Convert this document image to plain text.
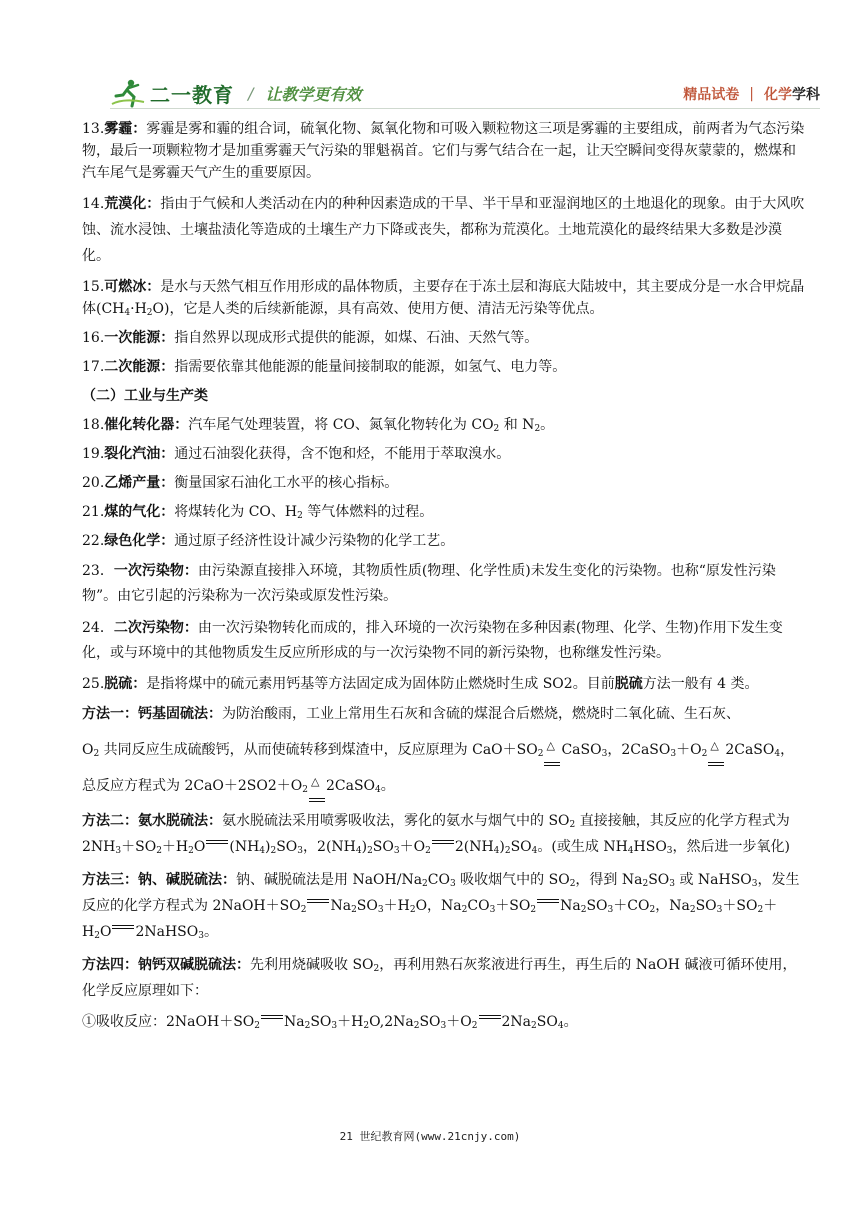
二一教育 / 让教学更有效	精品试卷 | 化学 学科

13.雾霾：雾霾是雾和霾的组合词，硫氧化物、氮氧化物和可吸入颗粒物这三项是雾霾的主要组成，前两者为气态污染物，最后一项颗粒物才是加重雾霾天气污染的罪魁祸首。它们与雾气结合在一起，让天空瞬间变得灰蒙蒙的，燃煤和汽车尾气是雾霾天气产生的重要原因。

14.荒漠化：指由于气候和人类活动在内的种种因素造成的干旱、半干旱和亚湿润地区的土地退化的现象。由于大风吹蚀、流水浸蚀、土壤盐渍化等造成的土壤生产力下降或丧失，都称为荒漠化。土地荒漠化的最终结果大多数是沙漠化。

15.可燃冰：是水与天然气相互作用形成的晶体物质，主要存在于冻土层和海底大陆坡中，其主要成分是一水合甲烷晶体$(CH_4\cdot H_2O)$，它是人类的后续新能源，具有高效、使用方便、清洁无污染等优点。

16.一次能源：指自然界以现成形式提供的能源，如煤、石油、天然气等。

17.二次能源：指需要依靠其他能源的能量间接制取的能源，如氢气、电力等。

（二）工业与生产类

18.催化转化器：汽车尾气处理装置，将 CO、氮氧化物转化为 $CO_2$ 和 $N_2$。

19.裂化汽油：通过石油裂化获得，含不饱和烃，不能用于萃取溴水。

20.乙烯产量：衡量国家石油化工水平的核心指标。

21.煤的气化：将煤转化为 CO、$H_2$ 等气体燃料的过程。

22.绿色化学：通过原子经济性设计减少污染物的化学工艺。

23．一次污染物：由污染源直接排入环境，其物质性质(物理、化学性质)未发生变化的污染物。也称“原发性污染物”。由它引起的污染称为一次污染或原发性污染。

24．二次污染物：由一次污染物转化而成的，排入环境的一次污染物在多种因素(物理、化学、生物)作用下发生变化，或与环境中的其他物质发生反应所形成的与一次污染物不同的新污染物，也称继发性污染。

25.脱硫：是指将煤中的硫元素用钙基等方法固定成为固体防止燃烧时生成 SO2。目前脱硫方法一般有 4 类。

方法一：钙基固硫法：为防治酸雨，工业上常用生石灰和含硫的煤混合后燃烧，燃烧时二氧化硫、生石灰、
$O_2$ 共同反应生成硫酸钙，从而使硫转移到煤渣中，反应原理为 $CaO+SO_2$ CaSO$_3$，$2CaSO_3+O_2$ 2CaSO$_4$，
总反应方程式为 $2CaO+2SO2+O_2$ 2CaSO$_4$。

方法二：氨水脱硫法：氨水脱硫法采用喷雾吸收法，雾化的氨水与烟气中的 $SO_2$ 直接接触，其反应的化学方程式为 $2NH_3+SO_2+H_2O$ $(NH_4)_2SO_3$，$2(NH_4)_2SO_3+O_2$ $2(NH_4)_2SO_4$。(或生成 $NH_4HSO_3$，然后进一步氧化)

方法三：钠、碱脱硫法：钠、碱脱硫法是用 NaOH/$Na_2CO_3$ 吸收烟气中的 $SO_2$，得到 $Na_2SO_3$ 或 NaHSO$_3$，发生反应的化学方程式为 $2NaOH+SO_2$ $Na_2SO_3+H_2O$，$Na_2CO_3+SO_2$ $Na_2SO_3+CO_2$，$Na_2SO_3+SO_2+H_2O$ 2NaHSO$_3$。

方法四：钠钙双碱脱硫法：先利用烧碱吸收 $SO_2$，再利用熟石灰浆液进行再生，再生后的 NaOH 碱液可循环使用，化学反应原理如下：

①吸收反应：$2NaOH+SO_2$ $Na_2SO_3+H_2O,2Na_2SO_3+O_2$ $2Na_2SO_4$。

21 世纪教育网(www.21cnjy.com)
